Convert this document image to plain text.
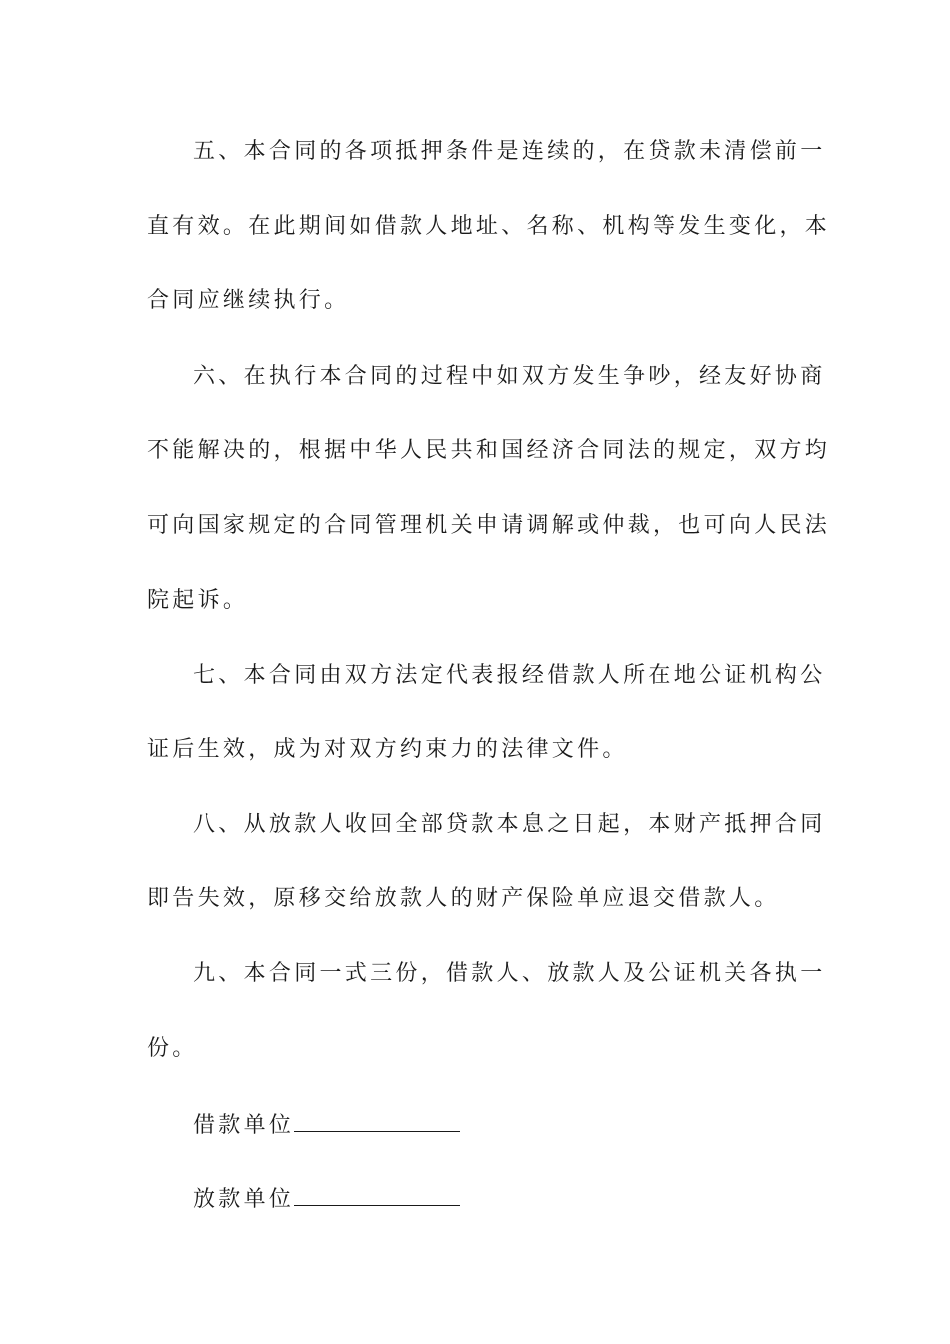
五、本合同的各项抵押条件是连续的，在贷款未清偿前一

直有效。在此期间如借款人地址、名称、机构等发生变化，本

合同应继续执行。

六、在执行本合同的过程中如双方发生争吵，经友好协商

不能解决的，根据中华人民共和国经济合同法的规定，双方均

可向国家规定的合同管理机关申请调解或仲裁，也可向人民法

院起诉。

七、本合同由双方法定代表报经借款人所在地公证机构公

证后生效，成为对双方约束力的法律文件。

八、从放款人收回全部贷款本息之日起，本财产抵押合同

即告失效，原移交给放款人的财产保险单应退交借款人。

九、本合同一式三份，借款人、放款人及公证机关各执一

份。

借款单位
放款单位
